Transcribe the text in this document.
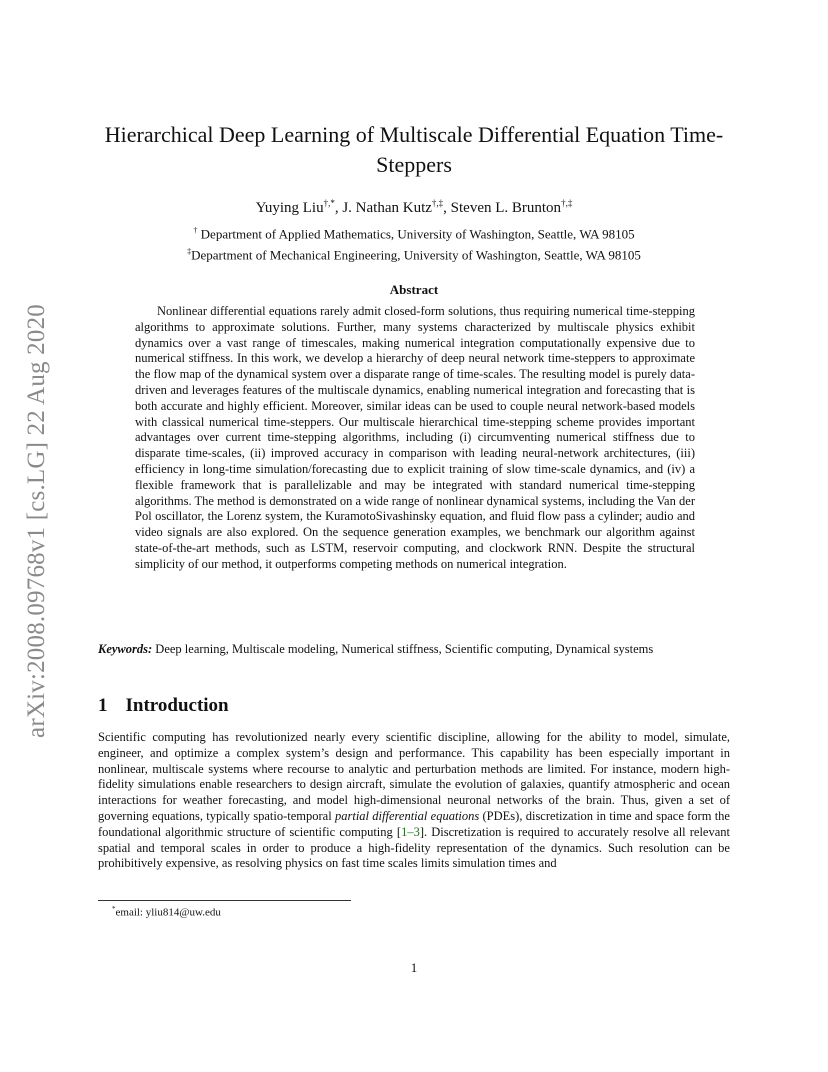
arXiv:2008.09768v1 [cs.LG] 22 Aug 2020
Hierarchical Deep Learning of Multiscale Differential Equation Time-Steppers
Yuying Liu†,*, J. Nathan Kutz†,‡, Steven L. Brunton†,‡
† Department of Applied Mathematics, University of Washington, Seattle, WA 98105
‡Department of Mechanical Engineering, University of Washington, Seattle, WA 98105
Abstract

Nonlinear differential equations rarely admit closed-form solutions, thus requiring numerical time-stepping algorithms to approximate solutions. Further, many systems characterized by multiscale physics exhibit dynamics over a vast range of timescales, making numerical integration computationally expensive due to numerical stiffness. In this work, we develop a hierarchy of deep neural network time-steppers to approximate the flow map of the dynamical system over a disparate range of time-scales. The resulting model is purely data-driven and leverages features of the multiscale dynamics, enabling numerical integration and forecasting that is both accurate and highly efficient. Moreover, similar ideas can be used to couple neural network-based models with classical numerical time-steppers. Our multiscale hierarchical time-stepping scheme provides important advantages over current time-stepping algorithms, including (i) circumventing numerical stiffness due to disparate time-scales, (ii) improved accuracy in comparison with leading neural-network architectures, (iii) efficiency in long-time simulation/forecasting due to explicit training of slow time-scale dynamics, and (iv) a flexible framework that is parallelizable and may be integrated with standard numerical time-stepping algorithms. The method is demonstrated on a wide range of nonlinear dynamical systems, including the Van der Pol oscillator, the Lorenz system, the KuramotoSivashinsky equation, and fluid flow pass a cylinder; audio and video signals are also explored. On the sequence generation examples, we benchmark our algorithm against state-of-the-art methods, such as LSTM, reservoir computing, and clockwork RNN. Despite the structural simplicity of our method, it outperforms competing methods on numerical integration.

Keywords: Deep learning, Multiscale modeling, Numerical stiffness, Scientific computing, Dynamical systems

1 Introduction

Scientific computing has revolutionized nearly every scientific discipline, allowing for the ability to model, simulate, engineer, and optimize a complex system’s design and performance. This capability has been especially important in nonlinear, multiscale systems where recourse to analytic and perturbation methods are limited. For instance, modern high-fidelity simulations enable researchers to design aircraft, simulate the evolution of galaxies, quantify atmospheric and ocean interactions for weather forecasting, and model high-dimensional neuronal networks of the brain. Thus, given a set of governing equations, typically spatio-temporal partial differential equations (PDEs), discretization in time and space form the foundational algorithmic structure of scientific computing [1–3]. Discretization is required to accurately resolve all relevant spatial and temporal scales in order to produce a high-fidelity representation of the dynamics. Such resolution can be prohibitively expensive, as resolving physics on fast time scales limits simulation times and

*email: yliu814@uw.edu
1
